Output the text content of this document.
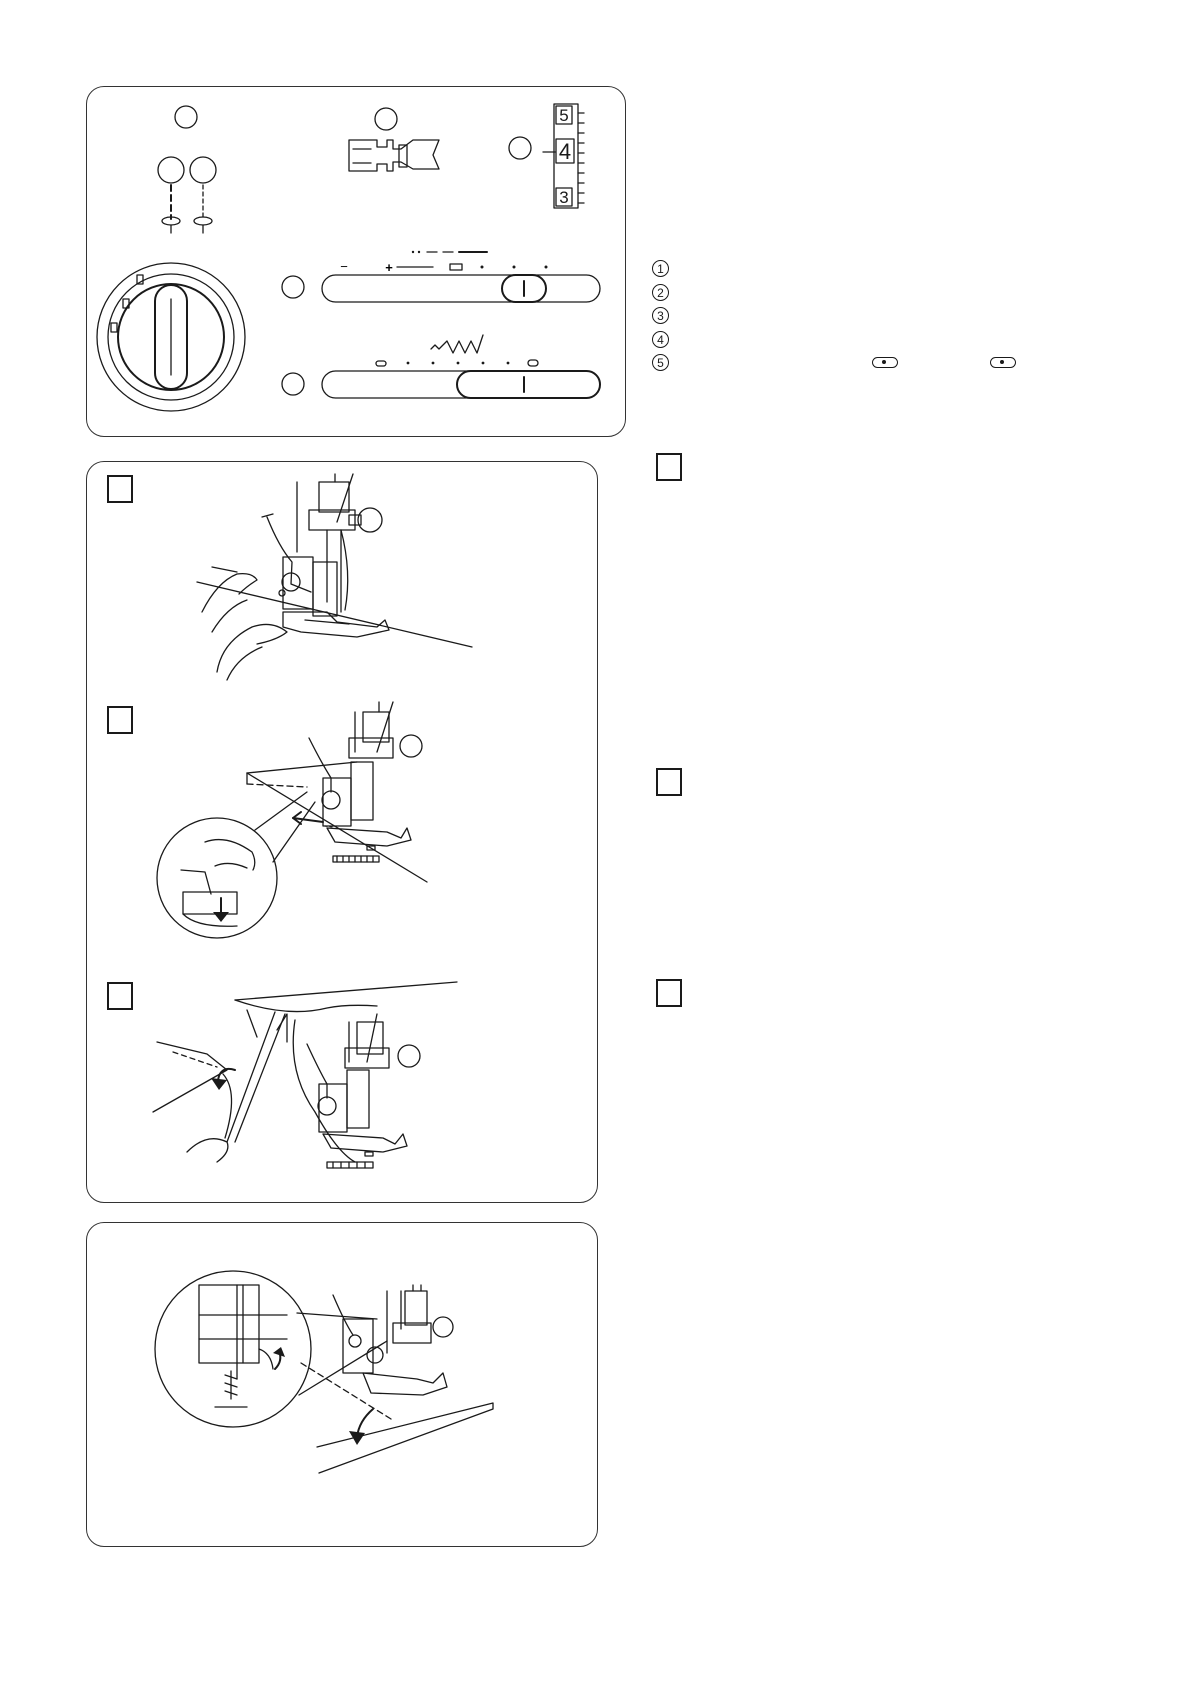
5
4
3
−	+	1
2
3
4
5
